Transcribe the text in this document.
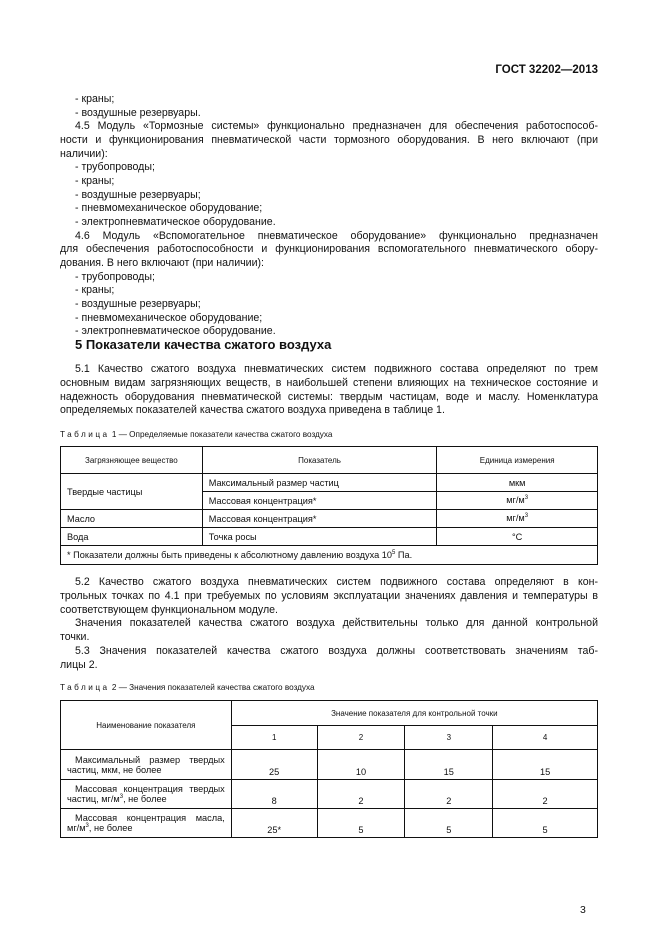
ГОСТ 32202—2013
- краны;
- воздушные резервуары.
4.5 Модуль «Тормозные системы» функционально предназначен для обеспечения работоспособ-
ности и функционирования пневматической части тормозного оборудования. В него включают (при
наличии):
- трубопроводы;
- краны;
- воздушные резервуары;
- пневмомеханическое оборудование;
- электропневматическое оборудование.
4.6 Модуль «Вспомогательное пневматическое оборудование» функционально предназначен
для обеспечения работоспособности и функционирования вспомогательного пневматического обору-
дования. В него включают (при наличии):
- трубопроводы;
- краны;
- воздушные резервуары;
- пневмомеханическое оборудование;
- электропневматическое оборудование.
5 Показатели качества сжатого воздуха
5.1 Качество сжатого воздуха пневматических систем подвижного состава определяют по трем
основным видам загрязняющих веществ, в наибольшей степени влияющих на техническое состояние и
надежность оборудования пневматической системы: твердым частицам, воде и маслу. Номенклатура
определяемых показателей качества сжатого воздуха приведена в таблице 1.
Таблица 1 — Определяемые показатели качества сжатого воздуха
Загрязняющее вещество	Показатель	Единица измерения
Твердые частицы	Максимальный размер частиц	мкм
	Массовая концентрация*	$мг/м^3$
Масло	Массовая концентрация*	$мг/м^3$
Вода	Точка росы	°С
* Показатели должны быть приведены к абсолютному давлению воздуха $10^5$ Па.		
5.2 Качество сжатого воздуха пневматических систем подвижного состава определяют в кон-
трольных точках по 4.1 при требуемых по условиям эксплуатации значениях давления и температуры в
соответствующем функциональном модуле.
Значения показателей качества сжатого воздуха действительны только для данной контрольной
точки.
5.3 Значения показателей качества сжатого воздуха должны соответствовать значениям таб-
лицы 2.
Таблица 2 — Значения показателей качества сжатого воздуха
Наименование показателя	Значение показателя для контрольной точки			
	1	2	3	4

Максимальный размер твердых
частиц, мкм, не более	25	10	15	15

Массовая концентрация твердых
частиц, $мг/м^3$, не более	8	2	2	2

Массовая концентрация масла,
$мг/м^3$, не более	25*	5	5	5
3
